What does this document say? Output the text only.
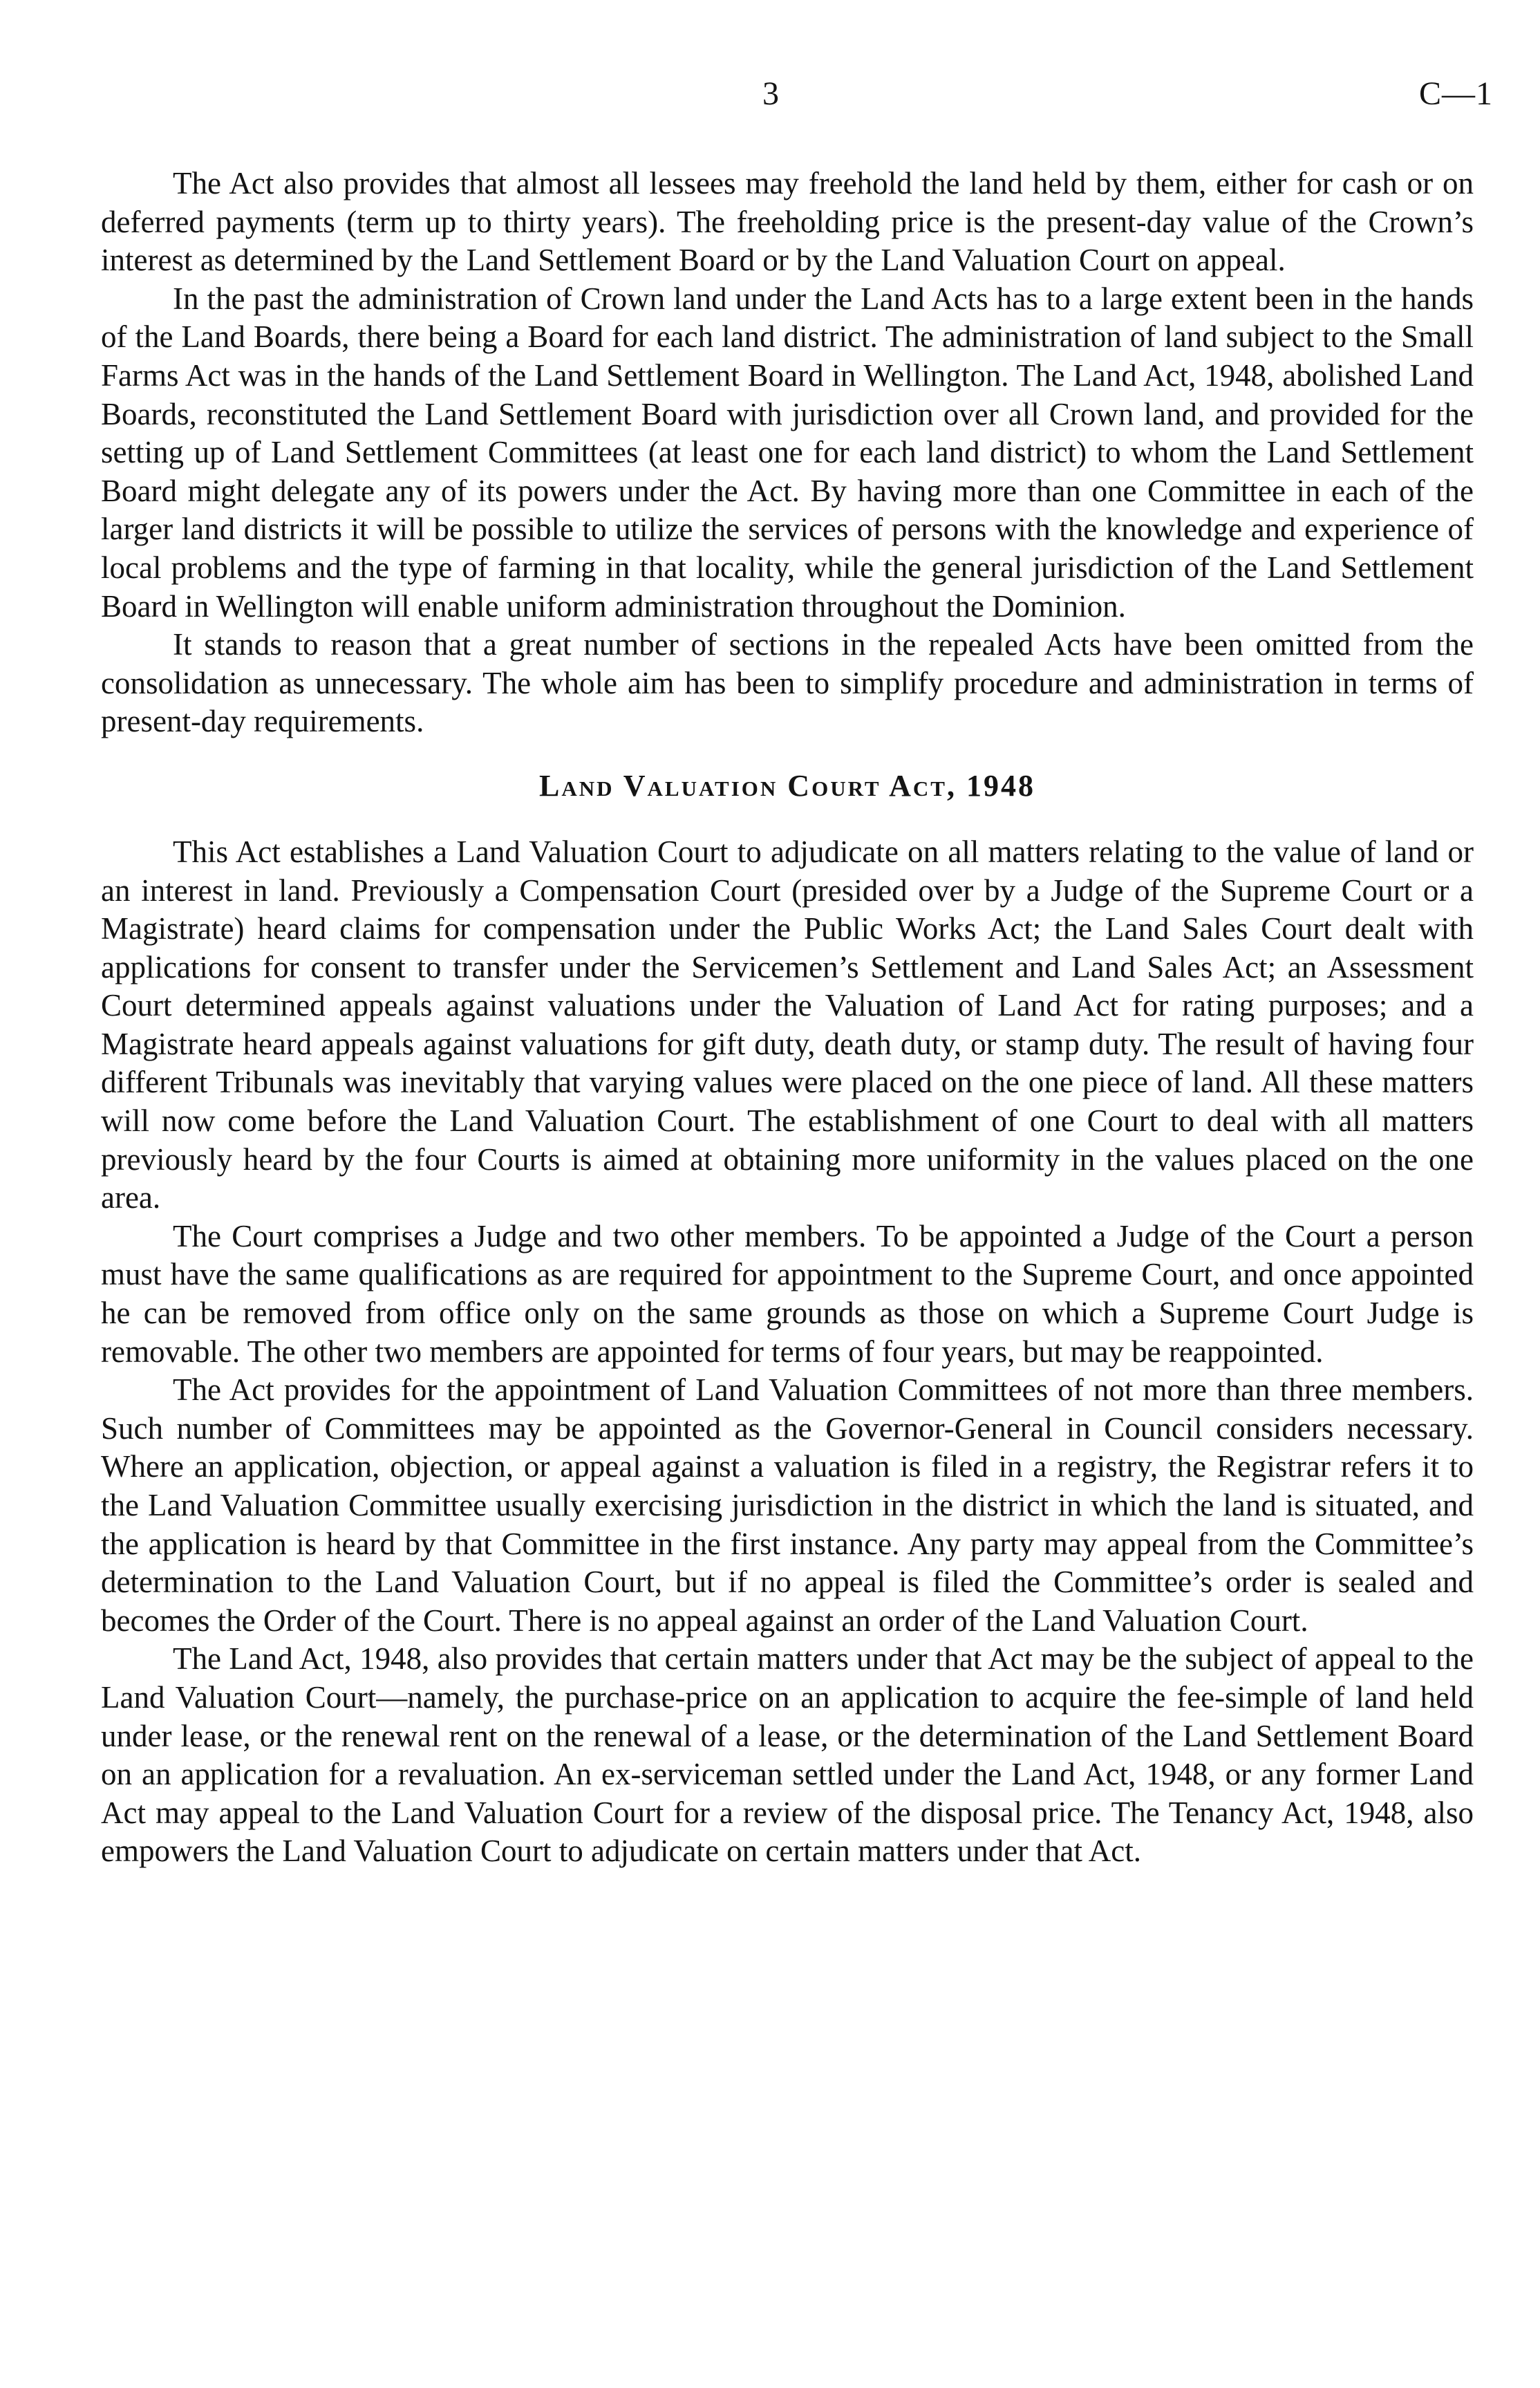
3	C—1

The Act also provides that almost all lessees may freehold the land held by them, either for cash or on deferred payments (term up to thirty years). The freeholding price is the present-day value of the Crown’s interest as determined by the Land Settlement Board or by the Land Valuation Court on appeal.

In the past the administration of Crown land under the Land Acts has to a large extent been in the hands of the Land Boards, there being a Board for each land district. The administration of land subject to the Small Farms Act was in the hands of the Land Settlement Board in Wellington. The Land Act, 1948, abolished Land Boards, reconstituted the Land Settlement Board with jurisdiction over all Crown land, and provided for the setting up of Land Settlement Committees (at least one for each land district) to whom the Land Settlement Board might delegate any of its powers under the Act. By having more than one Committee in each of the larger land districts it will be possible to utilize the services of persons with the knowledge and experience of local problems and the type of farming in that locality, while the general jurisdiction of the Land Settlement Board in Wellington will enable uniform administration throughout the Dominion.

It stands to reason that a great number of sections in the repealed Acts have been omitted from the consolidation as unnecessary. The whole aim has been to simplify procedure and administration in terms of present-day requirements.

Land Valuation Court Act, 1948

This Act establishes a Land Valuation Court to adjudicate on all matters relating to the value of land or an interest in land. Previously a Compensation Court (presided over by a Judge of the Supreme Court or a Magistrate) heard claims for compensation under the Public Works Act; the Land Sales Court dealt with applications for consent to transfer under the Servicemen’s Settlement and Land Sales Act; an Assessment Court determined appeals against valuations under the Valuation of Land Act for rating purposes; and a Magistrate heard appeals against valuations for gift duty, death duty, or stamp duty. The result of having four different Tribunals was inevitably that varying values were placed on the one piece of land. All these matters will now come before the Land Valuation Court. The establishment of one Court to deal with all matters previously heard by the four Courts is aimed at obtaining more uniformity in the values placed on the one area.

The Court comprises a Judge and two other members. To be appointed a Judge of the Court a person must have the same qualifications as are required for appointment to the Supreme Court, and once appointed he can be removed from office only on the same grounds as those on which a Supreme Court Judge is removable. The other two members are appointed for terms of four years, but may be reappointed.

The Act provides for the appointment of Land Valuation Committees of not more than three members. Such number of Committees may be appointed as the Governor-General in Council considers necessary. Where an application, objection, or appeal against a valuation is filed in a registry, the Registrar refers it to the Land Valuation Committee usually exercising jurisdiction in the district in which the land is situated, and the application is heard by that Committee in the first instance. Any party may appeal from the Committee’s determination to the Land Valuation Court, but if no appeal is filed the Committee’s order is sealed and becomes the Order of the Court. There is no appeal against an order of the Land Valuation Court.

The Land Act, 1948, also provides that certain matters under that Act may be the subject of appeal to the Land Valuation Court—namely, the purchase-price on an application to acquire the fee-simple of land held under lease, or the renewal rent on the renewal of a lease, or the determination of the Land Settlement Board on an application for a revaluation. An ex-serviceman settled under the Land Act, 1948, or any former Land Act may appeal to the Land Valuation Court for a review of the disposal price. The Tenancy Act, 1948, also empowers the Land Valuation Court to adjudicate on certain matters under that Act.
